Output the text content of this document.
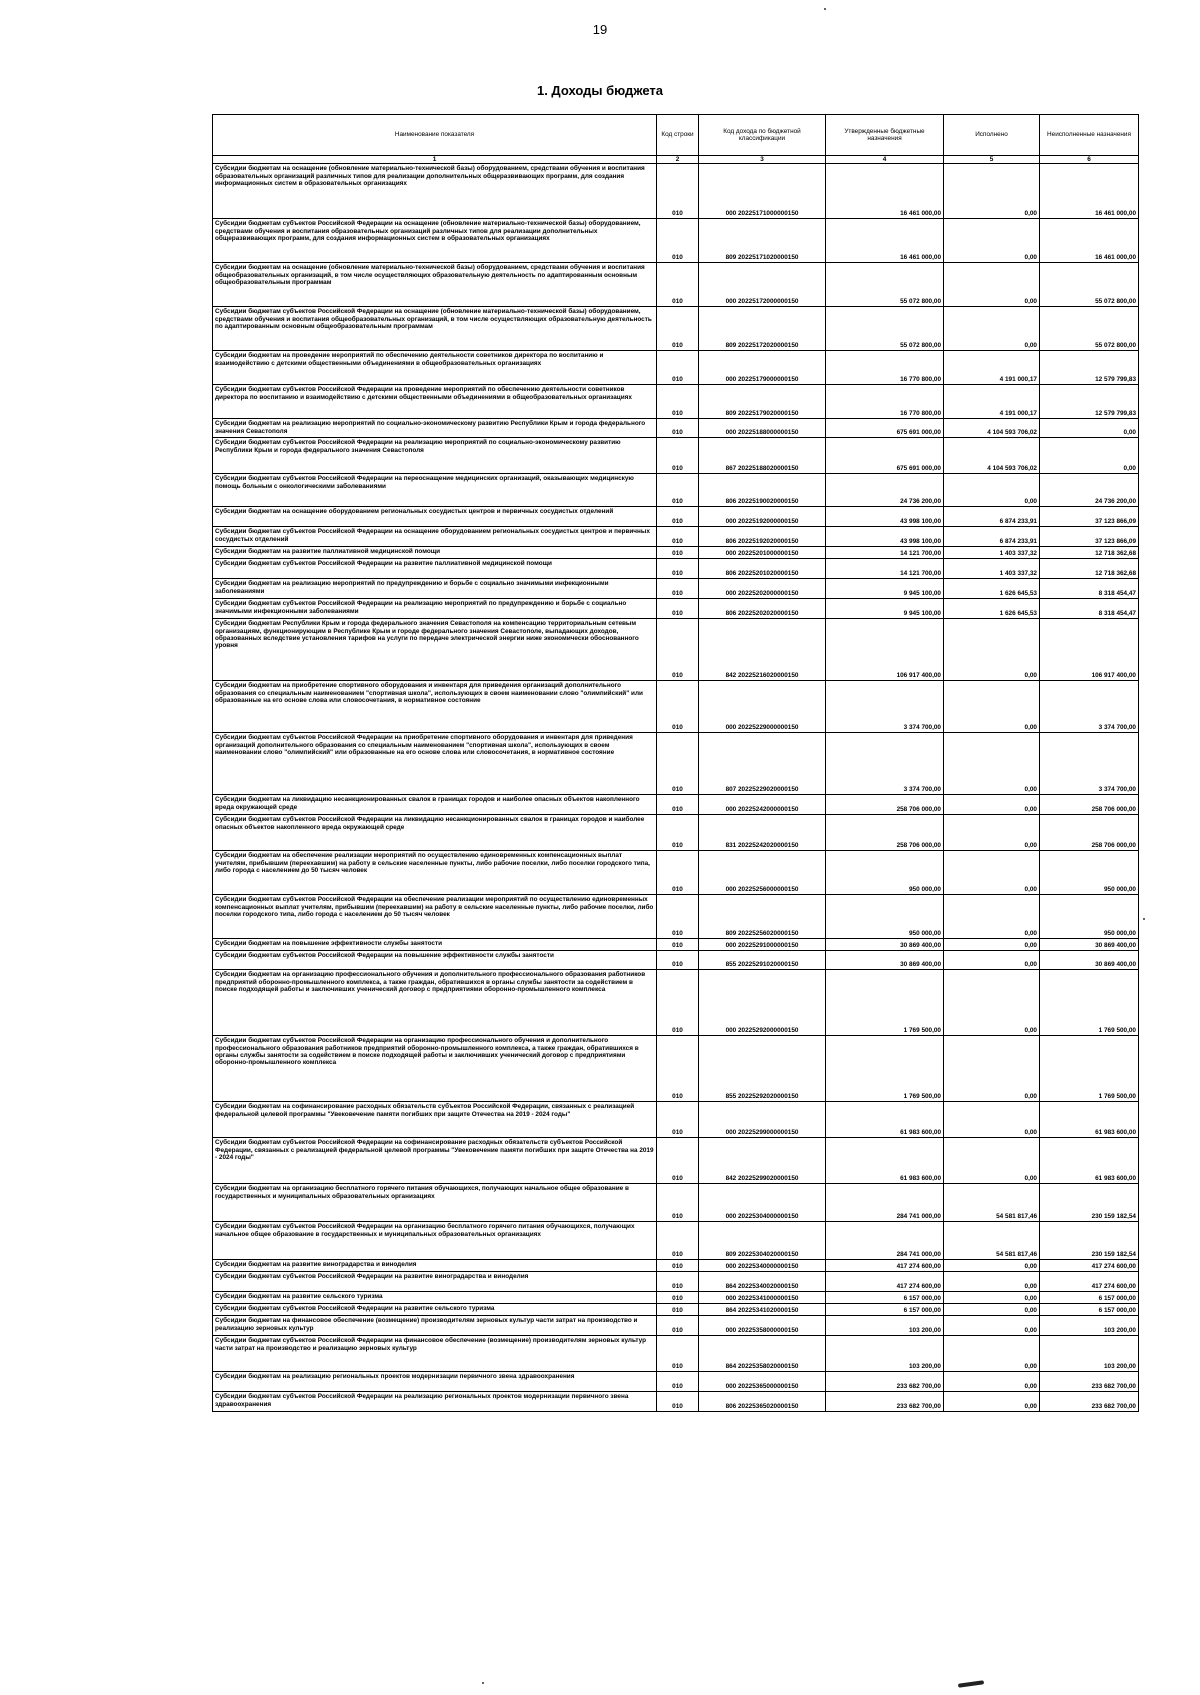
19
1. Доходы бюджета
Наименование показателя	Код строки	Код дохода по бюджетной классификации	Утвержденные бюджетные назначения	Исполнено	Неисполненные назначения
1	2	3	4	5	6
Субсидии бюджетам на оснащение (обновление материально-технической базы) оборудованием, средствами обучения и воспитания образовательных организаций различных типов для реализации дополнительных общеразвивающих программ, для создания информационных систем в образовательных организациях	010	000 20225171000000150	16 461 000,00	0,00	16 461 000,00
Субсидии бюджетам субъектов Российской Федерации на оснащение (обновление материально-технической базы) оборудованием, средствами обучения и воспитания образовательных организаций различных типов для реализации дополнительных общеразвивающих программ, для создания информационных систем в образовательных организациях	010	809 20225171020000150	16 461 000,00	0,00	16 461 000,00
Субсидии бюджетам на оснащение (обновление материально-технической базы) оборудованием, средствами обучения и воспитания общеобразовательных организаций, в том числе осуществляющих образовательную деятельность по адаптированным основным общеобразовательным программам	010	000 20225172000000150	55 072 800,00	0,00	55 072 800,00
Субсидии бюджетам субъектов Российской Федерации на оснащение (обновление материально-технической базы) оборудованием, средствами обучения и воспитания общеобразовательных организаций, в том числе осуществляющих образовательную деятельность по адаптированным основным общеобразовательным программам	010	809 20225172020000150	55 072 800,00	0,00	55 072 800,00
Субсидии бюджетам на проведение мероприятий по обеспечению деятельности советников директора по воспитанию и взаимодействию с детскими общественными объединениями в общеобразовательных организациях	010	000 20225179000000150	16 770 800,00	4 191 000,17	12 579 799,83
Субсидии бюджетам субъектов Российской Федерации на проведение мероприятий по обеспечению деятельности советников директора по воспитанию и взаимодействию с детскими общественными объединениями в общеобразовательных организациях	010	809 20225179020000150	16 770 800,00	4 191 000,17	12 579 799,83
Субсидии бюджетам на реализацию мероприятий по социально-экономическому развитию Республики Крым и города федерального значения Севастополя	010	000 20225188000000150	675 691 000,00	4 104 593 706,02	0,00
Субсидии бюджетам субъектов Российской Федерации на реализацию мероприятий по социально-экономическому развитию Республики Крым и города федерального значения Севастополя	010	867 20225188020000150	675 691 000,00	4 104 593 706,02	0,00
Субсидии бюджетам субъектов Российской Федерации на переоснащение медицинских организаций, оказывающих медицинскую помощь больным с онкологическими заболеваниями	010	806 20225190020000150	24 736 200,00	0,00	24 736 200,00
Субсидии бюджетам на оснащение оборудованием региональных сосудистых центров и первичных сосудистых отделений	010	000 20225192000000150	43 998 100,00	6 874 233,91	37 123 866,09
Субсидии бюджетам субъектов Российской Федерации на оснащение оборудованием региональных сосудистых центров и первичных сосудистых отделений	010	806 20225192020000150	43 998 100,00	6 874 233,91	37 123 866,09
Субсидии бюджетам на развитие паллиативной медицинской помощи	010	000 20225201000000150	14 121 700,00	1 403 337,32	12 718 362,68
Субсидии бюджетам субъектов Российской Федерации на развитие паллиативной медицинской помощи	010	806 20225201020000150	14 121 700,00	1 403 337,32	12 718 362,68
Субсидии бюджетам на реализацию мероприятий по предупреждению и борьбе с социально значимыми инфекционными заболеваниями	010	000 20225202000000150	9 945 100,00	1 626 645,53	8 318 454,47
Субсидии бюджетам субъектов Российской Федерации на реализацию мероприятий по предупреждению и борьбе с социально значимыми инфекционными заболеваниями	010	806 20225202020000150	9 945 100,00	1 626 645,53	8 318 454,47
Субсидии бюджетам Республики Крым и города федерального значения Севастополя на компенсацию территориальным сетевым организациям, функционирующим в Республике Крым и городе федерального значения Севастополе, выпадающих доходов, образованных вследствие установления тарифов на услуги по передаче электрической энергии ниже экономически обоснованного уровня	010	842 20225216020000150	106 917 400,00	0,00	106 917 400,00
Субсидии бюджетам на приобретение спортивного оборудования и инвентаря для приведения организаций дополнительного образования со специальным наименованием "спортивная школа", использующих в своем наименовании слово "олимпийский" или образованные на его основе слова или словосочетания, в нормативное состояние	010	000 20225229000000150	3 374 700,00	0,00	3 374 700,00
Субсидии бюджетам субъектов Российской Федерации на приобретение спортивного оборудования и инвентаря для приведения организаций дополнительного образования со специальным наименованием "спортивная школа", использующих в своем наименовании слово "олимпийский" или образованные на его основе слова или словосочетания, в нормативное состояние	010	807 20225229020000150	3 374 700,00	0,00	3 374 700,00
Субсидии бюджетам на ликвидацию несанкционированных свалок в границах городов и наиболее опасных объектов накопленного вреда окружающей среде	010	000 20225242000000150	258 706 000,00	0,00	258 706 000,00
Субсидии бюджетам субъектов Российской Федерации на ликвидацию несанкционированных свалок в границах городов и наиболее опасных объектов накопленного вреда окружающей среде	010	831 20225242020000150	258 706 000,00	0,00	258 706 000,00
Субсидии бюджетам на обеспечение реализации мероприятий по осуществлению единовременных компенсационных выплат учителям, прибывшим (переехавшим) на работу в сельские населенные пункты, либо рабочие поселки, либо поселки городского типа, либо города с населением до 50 тысяч человек	010	000 20225256000000150	950 000,00	0,00	950 000,00
Субсидии бюджетам субъектов Российской Федерации на обеспечение реализации мероприятий по осуществлению единовременных компенсационных выплат учителям, прибывшим (переехавшим) на работу в сельские населенные пункты, либо рабочие поселки, либо поселки городского типа, либо города с населением до 50 тысяч человек	010	809 20225256020000150	950 000,00	0,00	950 000,00
Субсидии бюджетам на повышение эффективности службы занятости	010	000 20225291000000150	30 869 400,00	0,00	30 869 400,00
Субсидии бюджетам субъектов Российской Федерации на повышение эффективности службы занятости	010	855 20225291020000150	30 869 400,00	0,00	30 869 400,00
Субсидии бюджетам на организацию профессионального обучения и дополнительного профессионального образования работников предприятий оборонно-промышленного комплекса, а также граждан, обратившихся в органы службы занятости за содействием в поиске подходящей работы и заключивших ученический договор с предприятиями оборонно-промышленного комплекса	010	000 20225292000000150	1 769 500,00	0,00	1 769 500,00
Субсидии бюджетам субъектов Российской Федерации на организацию профессионального обучения и дополнительного профессионального образования работников предприятий оборонно-промышленного комплекса, а также граждан, обратившихся в органы службы занятости за содействием в поиске подходящей работы и заключивших ученический договор с предприятиями оборонно-промышленного комплекса	010	855 20225292020000150	1 769 500,00	0,00	1 769 500,00
Субсидии бюджетам на софинансирование расходных обязательств субъектов Российской Федерации, связанных с реализацией федеральной целевой программы "Увековечение памяти погибших при защите Отечества на 2019 - 2024 годы"	010	000 20225299000000150	61 983 600,00	0,00	61 983 600,00
Субсидии бюджетам субъектов Российской Федерации на софинансирование расходных обязательств субъектов Российской Федерации, связанных с реализацией федеральной целевой программы "Увековечение памяти погибших при защите Отечества на 2019 - 2024 годы"	010	842 20225299020000150	61 983 600,00	0,00	61 983 600,00
Субсидии бюджетам на организацию бесплатного горячего питания обучающихся, получающих начальное общее образование в государственных и муниципальных образовательных организациях	010	000 20225304000000150	284 741 000,00	54 581 817,46	230 159 182,54
Субсидии бюджетам субъектов Российской Федерации на организацию бесплатного горячего питания обучающихся, получающих начальное общее образование в государственных и муниципальных образовательных организациях	010	809 20225304020000150	284 741 000,00	54 581 817,46	230 159 182,54
Субсидии бюджетам на развитие виноградарства и виноделия	010	000 20225340000000150	417 274 600,00	0,00	417 274 600,00
Субсидии бюджетам субъектов Российской Федерации на развитие виноградарства и виноделия	010	864 20225340020000150	417 274 600,00	0,00	417 274 600,00
Субсидии бюджетам на развитие сельского туризма	010	000 20225341000000150	6 157 000,00	0,00	6 157 000,00
Субсидии бюджетам субъектов Российской Федерации на развитие сельского туризма	010	864 20225341020000150	6 157 000,00	0,00	6 157 000,00
Субсидии бюджетам на финансовое обеспечение (возмещение) производителям зерновых культур части затрат на производство и реализацию зерновых культур	010	000 20225358000000150	103 200,00	0,00	103 200,00
Субсидии бюджетам субъектов Российской Федерации на финансовое обеспечение (возмещение) производителям зерновых культур части затрат на производство и реализацию зерновых культур	010	864 20225358020000150	103 200,00	0,00	103 200,00
Субсидии бюджетам на реализацию региональных проектов модернизации первичного звена здравоохранения	010	000 20225365000000150	233 682 700,00	0,00	233 682 700,00
Субсидии бюджетам субъектов Российской Федерации на реализацию региональных проектов модернизации первичного звена здравоохранения	010	806 20225365020000150	233 682 700,00	0,00	233 682 700,00
